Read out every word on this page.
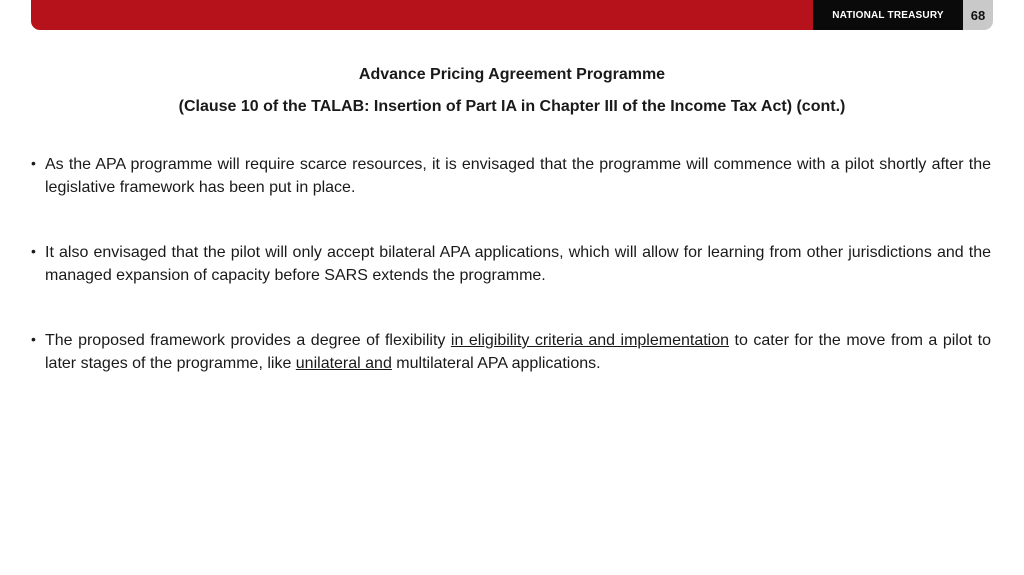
NATIONAL TREASURY	68
Advance Pricing Agreement Programme
(Clause 10 of the TALAB: Insertion of Part IA in Chapter III of the Income Tax Act) (cont.)
• As the APA programme will require scarce resources, it is envisaged that the programme will commence with a pilot shortly after the legislative framework has been put in place.
• It also envisaged that the pilot will only accept bilateral APA applications, which will allow for learning from other jurisdictions and the managed expansion of capacity before SARS extends the programme.
• The proposed framework provides a degree of flexibility in eligibility criteria and implementation to cater for the move from a pilot to later stages of the programme, like unilateral and multilateral APA applications.
